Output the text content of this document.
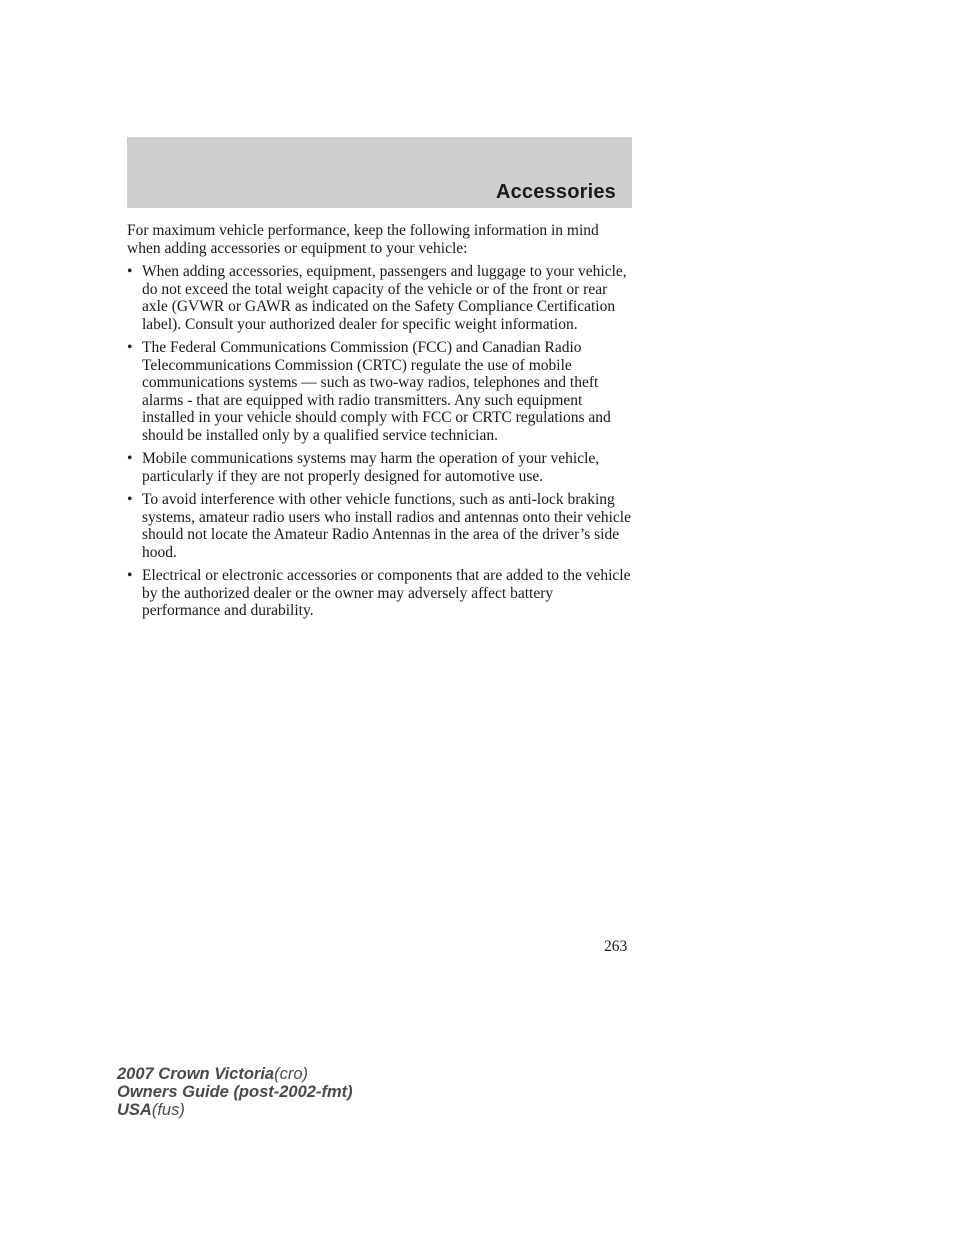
Accessories

For maximum vehicle performance, keep the following information in mind when adding accessories or equipment to your vehicle:

• When adding accessories, equipment, passengers and luggage to your vehicle, do not exceed the total weight capacity of the vehicle or of the front or rear axle (GVWR or GAWR as indicated on the Safety Compliance Certification label). Consult your authorized dealer for specific weight information.
• The Federal Communications Commission (FCC) and Canadian Radio Telecommunications Commission (CRTC) regulate the use of mobile communications systems — such as two-way radios, telephones and theft alarms - that are equipped with radio transmitters. Any such equipment installed in your vehicle should comply with FCC or CRTC regulations and should be installed only by a qualified service technician.
• Mobile communications systems may harm the operation of your vehicle, particularly if they are not properly designed for automotive use.
• To avoid interference with other vehicle functions, such as anti-lock braking systems, amateur radio users who install radios and antennas onto their vehicle should not locate the Amateur Radio Antennas in the area of the driver’s side hood.
• Electrical or electronic accessories or components that are added to the vehicle by the authorized dealer or the owner may adversely affect battery performance and durability.
263
2007 Crown Victoria(cro)
Owners Guide (post-2002-fmt)
USA(fus)
